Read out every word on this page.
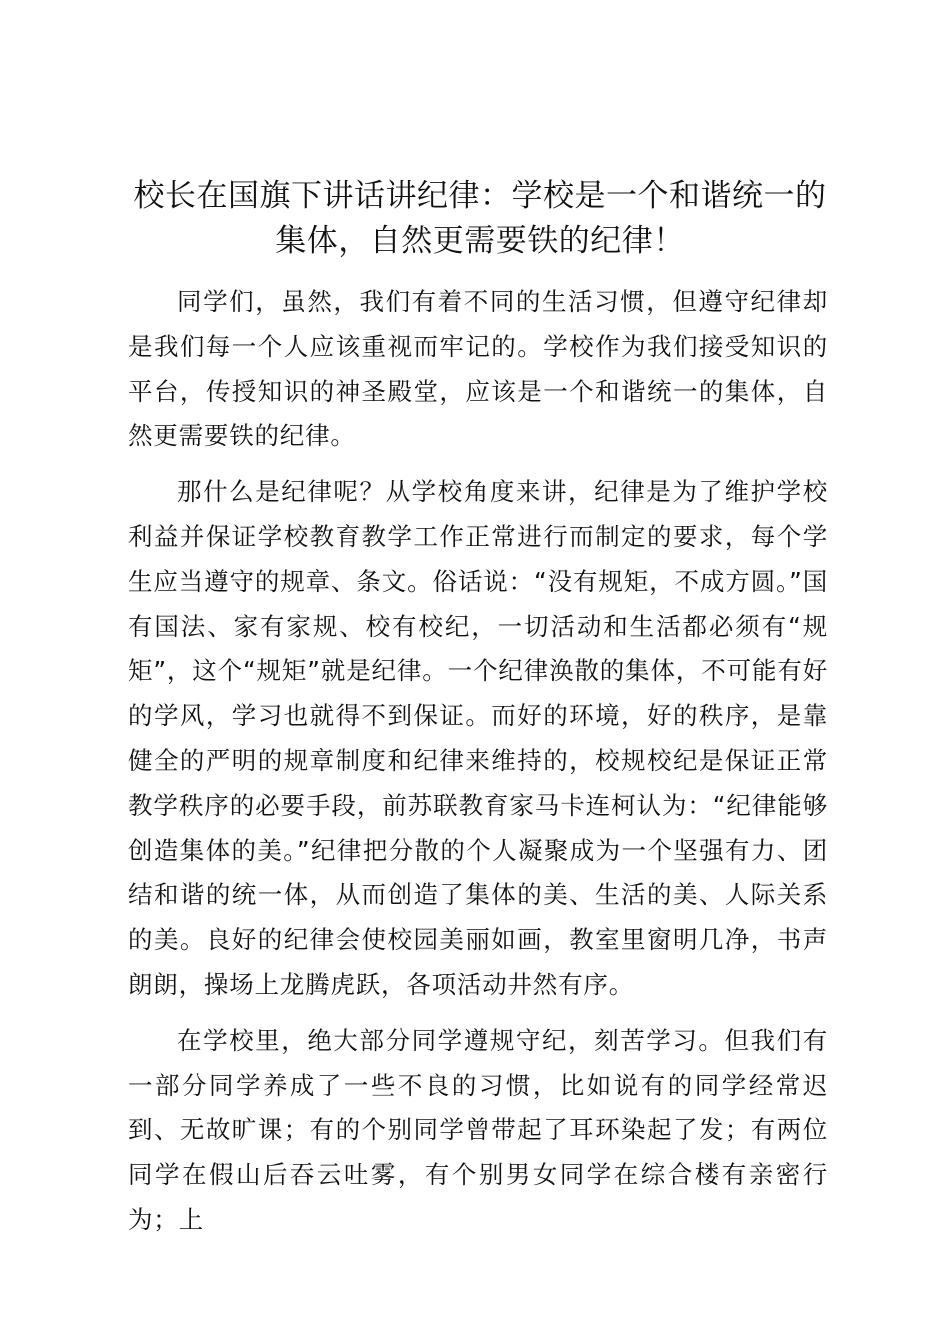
校长在国旗下讲话讲纪律：学校是一个和谐统一的集体，自然更需要铁的纪律！

同学们，虽然，我们有着不同的生活习惯，但遵守纪律却是我们每一个人应该重视而牢记的。学校作为我们接受知识的平台，传授知识的神圣殿堂，应该是一个和谐统一的集体，自然更需要铁的纪律。

那什么是纪律呢？从学校角度来讲，纪律是为了维护学校利益并保证学校教育教学工作正常进行而制定的要求，每个学生应当遵守的规章、条文。俗话说：“没有规矩，不成方圆。”国有国法、家有家规、校有校纪，一切活动和生活都必须有“规矩”，这个“规矩”就是纪律。一个纪律涣散的集体，不可能有好的学风，学习也就得不到保证。而好的环境，好的秩序，是靠健全的严明的规章制度和纪律来维持的，校规校纪是保证正常教学秩序的必要手段，前苏联教育家马卡连柯认为：“纪律能够创造集体的美。”纪律把分散的个人凝聚成为一个坚强有力、团结和谐的统一体，从而创造了集体的美、生活的美、人际关系的美。良好的纪律会使校园美丽如画，教室里窗明几净，书声朗朗，操场上龙腾虎跃，各项活动井然有序。

在学校里，绝大部分同学遵规守纪，刻苦学习。但我们有一部分同学养成了一些不良的习惯，比如说有的同学经常迟到、无故旷课；有的个别同学曾带起了耳环染起了发；有两位同学在假山后吞云吐雾，有个别男女同学在综合楼有亲密行为；上
